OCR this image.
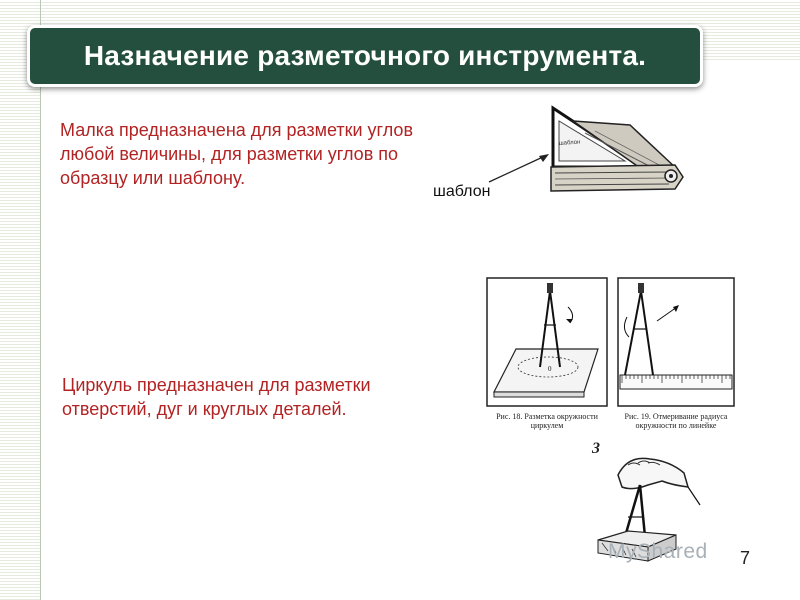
Назначение разметочного инструмента.
Малка предназначена для разметки углов любой величины, для разметки углов по образцу или шаблону.
шаблон
шаблон
0
Рис. 18. Разметка окружности
циркулем
Рис. 19. Отмеривание радиуса
окружности по линейке
Циркуль предназначен для разметки отверстий, дуг и круглых деталей.
3
MyShared 7
